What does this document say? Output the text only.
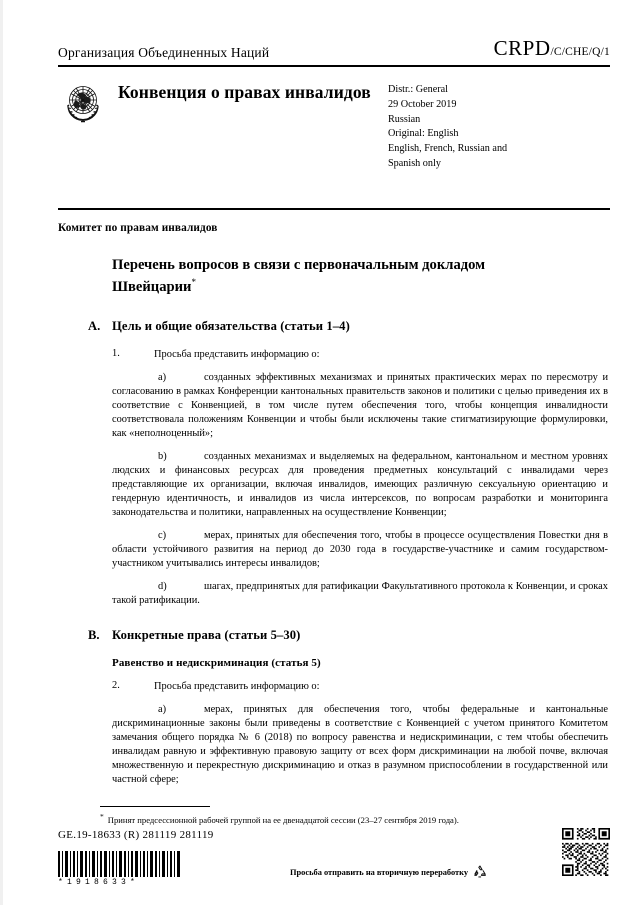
Организация Объединенных Наций	CRPD/C/CHE/Q/1
Конвенция о правах инвалидов	Distr.: General
29 October 2019
Russian
Original: English
English, French, Russian and
Spanish only
Комитет по правам инвалидов
Перечень вопросов в связи с первоначальным докладом Швейцарии*
A. Цель и общие обязательства (статьи 1–4)
1.	Просьба представить информацию о:
a)	созданных эффективных механизмах и принятых практических мерах по пересмотру и согласованию в рамках Конференции кантональных правительств законов и политики с целью приведения их в соответствие с Конвенцией, в том числе путем обеспечения того, чтобы концепция инвалидности соответствовала положениям Конвенции и чтобы были исключены такие стигматизирующие формулировки, как «неполноценный»;
b)	созданных механизмах и выделяемых на федеральном, кантональном и местном уровнях людских и финансовых ресурсах для проведения предметных консультаций с инвалидами через представляющие их организации, включая инвалидов, имеющих различную сексуальную ориентацию и гендерную идентичность, и инвалидов из числа интерсексов, по вопросам разработки и мониторинга законодательства и политики, направленных на осуществление Конвенции;
c)	мерах, принятых для обеспечения того, чтобы в процессе осуществления Повестки дня в области устойчивого развития на период до 2030 года в государстве-участнике и самим государством-участником учитывались интересы инвалидов;
d)	шагах, предпринятых для ратификации Факультативного протокола к Конвенции, и сроках такой ратификации.
B. Конкретные права (статьи 5–30)
Равенство и недискриминация (статья 5)
2.	Просьба представить информацию о:
a)	мерах, принятых для обеспечения того, чтобы федеральные и кантональные дискриминационные законы были приведены в соответствие с Конвенцией с учетом принятого Комитетом замечания общего порядка № 6 (2018) по вопросу равенства и недискриминации, с тем чтобы обеспечить инвалидам равную и эффективную правовую защиту от всех форм дискриминации на любой почве, включая множественную и перекрестную дискриминацию и отказ в разумном приспособлении в государственной или частной сфере;
* Принят предсессионной рабочей группой на ее двенадцатой сессии (23–27 сентября 2019 года).
GE.19-18633 (R) 281119 281119
*1918633*
Просьба отправить на вторичную переработку
